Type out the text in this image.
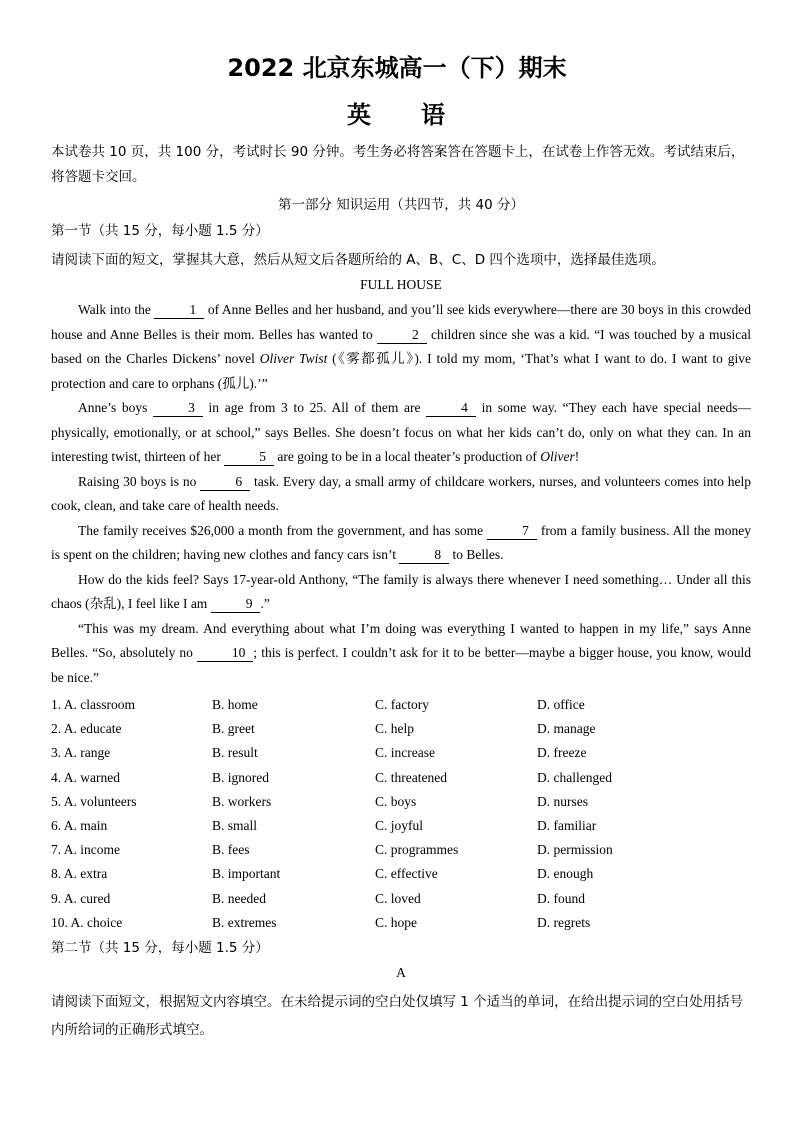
2022 北京东城高一（下）期末
英 语
本试卷共 10 页，共 100 分，考试时长 90 分钟。考生务必将答案答在答题卡上，在试卷上作答无效。考试结束后，
将答题卡交回。
第一部分 知识运用（共四节，共 40 分）
第一节（共 15 分，每小题 1.5 分）
请阅读下面的短文，掌握其大意，然后从短文后各题所给的 A、B、C、D 四个选项中，选择最佳选项。
FULL HOUSE

Walk into the	1 of Anne Belles and her husband, and you’ll see kids everywhere—there are 30 boys in this crowded house and Anne Belles is their mom. Belles has wanted to	2 children since she was a kid. “I was touched by a musical based on the Charles Dickens’ novel Oliver Twist (《雾都孤儿》). I told my mom, ‘That’s what I want to do. I want to give protection and care to orphans (孤儿).’”

Anne’s boys	3 in age from 3 to 25. All of them are	4 in some way. “They each have special needs—physically, emotionally, or at school,” says Belles. She doesn’t focus on what her kids can’t do, only on what they can. In an interesting twist, thirteen of her	5 are going to be in a local theater’s production of Oliver!

Raising 30 boys is no	6 task. Every day, a small army of childcare workers, nurses, and volunteers comes into help cook, clean, and take care of health needs.

The family receives $26,000 a month from the government, and has some	7 from a family business. All the money is spent on the children; having new clothes and fancy cars isn’t	8 to Belles.

How do the kids feel? Says 17-year-old Anthony, “The family is always there whenever I need something… Under all this chaos (杂乱), I feel like I am	9 .”

“This was my dream. And everything about what I’m doing was everything I wanted to happen in my life,” says Anne Belles. “So, absolutely no	10 ; this is perfect. I couldn’t ask for it to be better—maybe a bigger house, you know, would be nice.”

1. A. classroom	B. home	C. factory	D. office
2. A. educate	B. greet	C. help	D. manage
3. A. range	B. result	C. increase	D. freeze
4. A. warned	B. ignored	C. threatened	D. challenged
5. A. volunteers	B. workers	C. boys	D. nurses
6. A. main	B. small	C. joyful	D. familiar
7. A. income	B. fees	C. programmes	D. permission
8. A. extra	B. important	C. effective	D. enough
9. A. cured	B. needed	C. loved	D. found
10. A. choice	B. extremes	C. hope	D. regrets
第二节（共 15 分，每小题 1.5 分）
A
请阅读下面短文，根据短文内容填空。在未给提示词的空白处仅填写 1 个适当的单词，在给出提示词的空白处用括号内所给词的正确形式填空。
